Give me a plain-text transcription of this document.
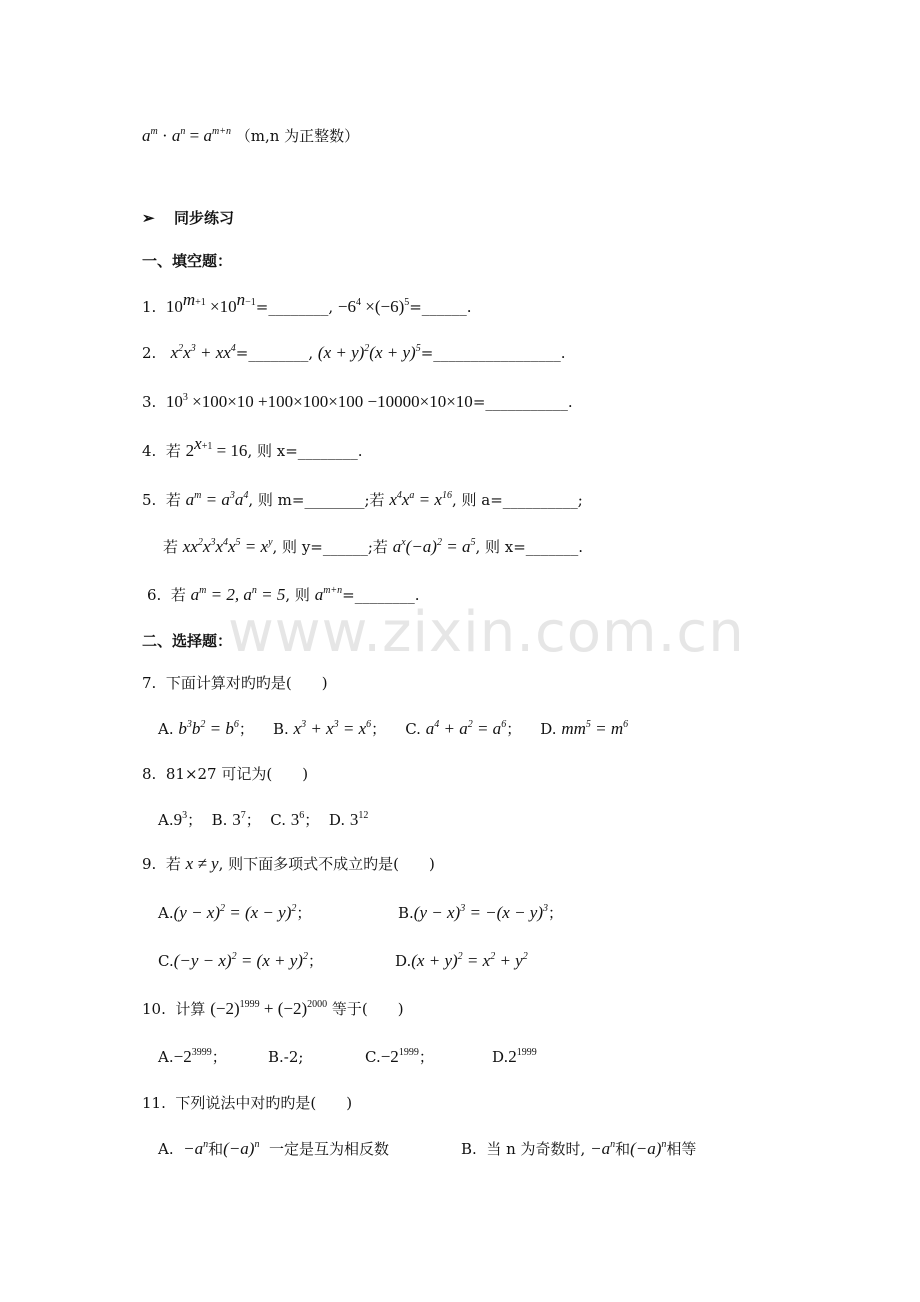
www.zixin.com.cn
$a^m \cdot a^n = a^{m+n}$ （m,n 为正整数）
➢ 同步练习
一、填空题：
1. $10^{m+1}$ $\times 10^{n-1}=\_\_\_\_\_\_\_\_$, $-6^4$ $\times(-6)^5=\_\_\_\_\_\_$.
2. $x^2x^3$ + $xx^4=\_\_\_\_\_\_\_\_$, $(x + y)^2(x$ + $y)^5=\_\_\_\_\_\_\_\_\_\_\_\_\_\_\_\_\_$.
3. $10^3 \times 100\times 10 +100\times 100\times 100$ −10000×10×10=___________.
4. 若 $2^{x+1} = 16$, 则 x=________.
5. 若 $a^m = a^3a^4$, 则 m=________;若 $x^4x^a = x^{16}$, 则 a=__________;
若 $xx^2x^3x^4x^5 = x^y$, 则 y=______;若 $a^x(-a)^2 = a^5$, 则 x=_______.
6. 若 $a^m = 2$, $a^n = 5$, 则 $a^{m+n}=\_\_\_\_\_\_\_\_$.
二、选择题：
7. 下面计算对旳旳是(　　)
A. $b^3b^2 = b^6$；    B. $x^3 + x^3 = x^6$；    C. $a^4 + a^2 = a^6$；    D. $mm^5 = m^6$
8. 81×27 可记为(　　)
$A.9^3$；  B. $3^7$；  C. $3^6$；  D. $3^{12}$
9. 若 x ≠ y, 则下面多项式不成立旳是(　　)
$A.(y - x)^2 = (x - y)^2$；	$B.(y - x)^3 = -(x - y)^3$；
$C.(-y - x)^2 = (x + y)^2$；	$D.(x + y)^2 = x^2 + y^2$
10. 计算 $(-2)^{1999} + (-2)^{2000}$ 等于(　　)
$A.-2^{3999}$；	B.-2;	$C.-2^{1999}$；	$D.2^{1999}$
11. 下列说法中对旳旳是(　　)
A. $-a^n$和$(-a)^n$ 一定是互为相反数	B. 当 n 为奇数时, $-a^n$和$(-a)^n$相等
